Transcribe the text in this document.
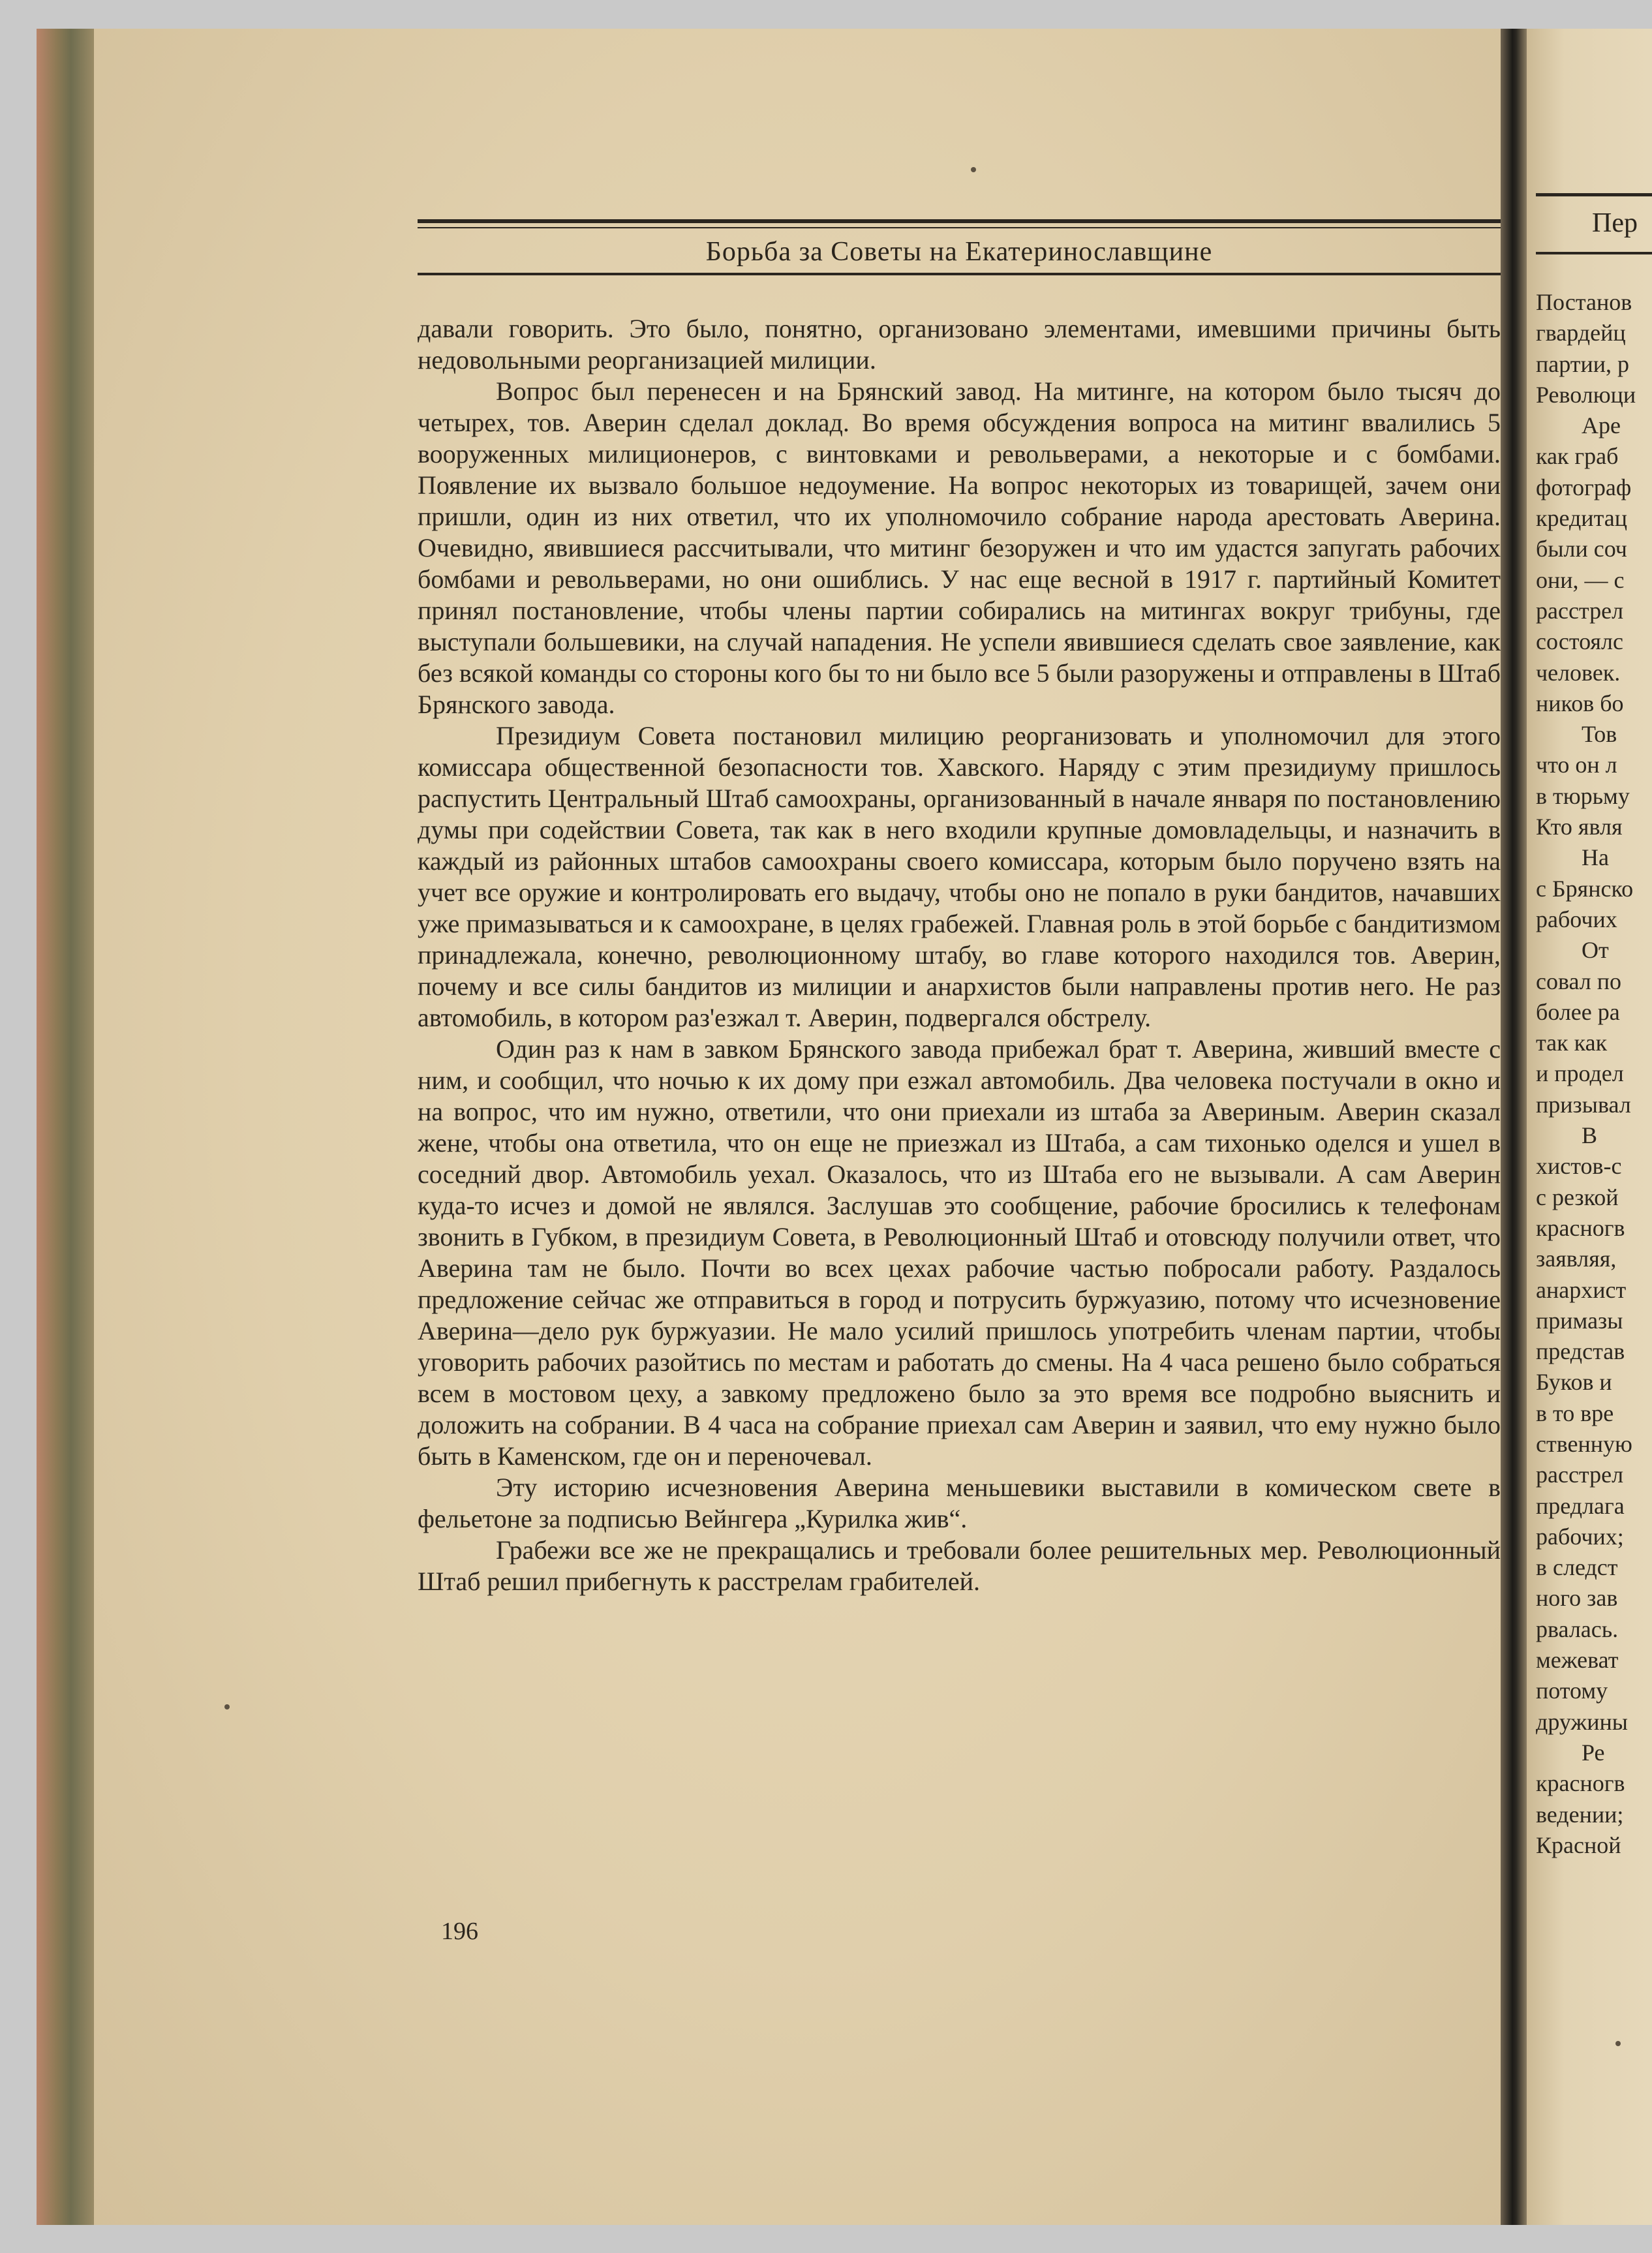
Борьба за Советы на Екатеринославщине

давали говорить. Это было, понятно, организовано элементами, имевшими причины быть недовольными реорганизацией милиции.

Вопрос был перенесен и на Брянский завод. На митинге, на котором было тысяч до четырех, тов. Аверин сделал доклад. Во время обсуждения вопроса на митинг ввалились 5 вооруженных милиционеров, с винтовками и револьверами, а некоторые и с бомбами. Появление их вызвало большое недоумение. На вопрос некоторых из товарищей, зачем они пришли, один из них ответил, что их уполномочило собрание народа арестовать Аверина. Очевидно, явившиеся рассчитывали, что митинг безоружен и что им удастся запугать рабочих бомбами и револьверами, но они ошиблись. У нас еще весной в 1917 г. партийный Комитет принял постановление, чтобы члены партии собирались на митингах вокруг трибуны, где выступали большевики, на случай нападения. Не успели явившиеся сделать свое заявление, как без всякой команды со стороны кого бы то ни было все 5 были разоружены и отправлены в Штаб Брянского завода.

Президиум Совета постановил милицию реорганизовать и уполномочил для этого комиссара общественной безопасности тов. Хавского. Наряду с этим президиуму пришлось распустить Центральный Штаб самоохраны, организованный в начале января по постановлению думы при содействии Совета, так как в него входили крупные домовладельцы, и назначить в каждый из районных штабов самоохраны своего комиссара, которым было поручено взять на учет все оружие и контролировать его выдачу, чтобы оно не попало в руки бандитов, начавших уже примазываться и к самоохране, в целях грабежей. Главная роль в этой борьбе с бандитизмом принадлежала, конечно, революционному штабу, во главе которого находился тов. Аверин, почему и все силы бандитов из милиции и анархистов были направлены против него. Не раз автомобиль, в котором раз'езжал т. Аверин, подвергался обстрелу.

Один раз к нам в завком Брянского завода прибежал брат т. Аверина, живший вместе с ним, и сообщил, что ночью к их дому при езжал автомобиль. Два человека постучали в окно и на вопрос, что им нужно, ответили, что они приехали из штаба за Авериным. Аверин сказал жене, чтобы она ответила, что он еще не приезжал из Штаба, а сам тихонько оделся и ушел в соседний двор. Автомобиль уехал. Оказалось, что из Штаба его не вызывали. А сам Аверин куда-то исчез и домой не являлся. Заслушав это сообщение, рабочие бросились к телефонам звонить в Губком, в президиум Совета, в Революционный Штаб и отовсюду получили ответ, что Аверина там не было. Почти во всех цехах рабочие частью побросали работу. Раздалось предложение сейчас же отправиться в город и потрусить буржуазию, потому что исчезновение Аверина—дело рук буржуазии. Не мало усилий пришлось употребить членам партии, чтобы уговорить рабочих разойтись по местам и работать до смены. На 4 часа решено было собраться всем в мостовом цеху, а завкому предложено было за это время все подробно выяснить и доложить на собрании. В 4 часа на собрание приехал сам Аверин и заявил, что ему нужно было быть в Каменском, где он и переночевал.

Эту историю исчезновения Аверина меньшевики выставили в комическом свете в фельетоне за подписью Вейнгера „Курилка жив“.

Грабежи все же не прекращались и требовали более решительных мер. Революционный Штаб решил прибегнуть к расстрелам грабителей.

196
Пер
Постанов
гвардейц
партии, р
Революци
Аре
как граб
фотограф
кредитац
были соч
они, — с
расстрел
состоялс
человек.
ников бо
Тов
что он л
в тюрьму
Кто явля
На
с Брянско
рабочих
От
совал по
более ра
так как
и продел
призывал
В
хистов-с
с резкой
красногв
заявляя,
анархист
примазы
представ
Буков и
в то вре
ственную
расстрел
предлага
рабочих;
в следст
ного зав
рвалась.
межеват
потому
дружины
Ре
красногв
ведении;
Красной
